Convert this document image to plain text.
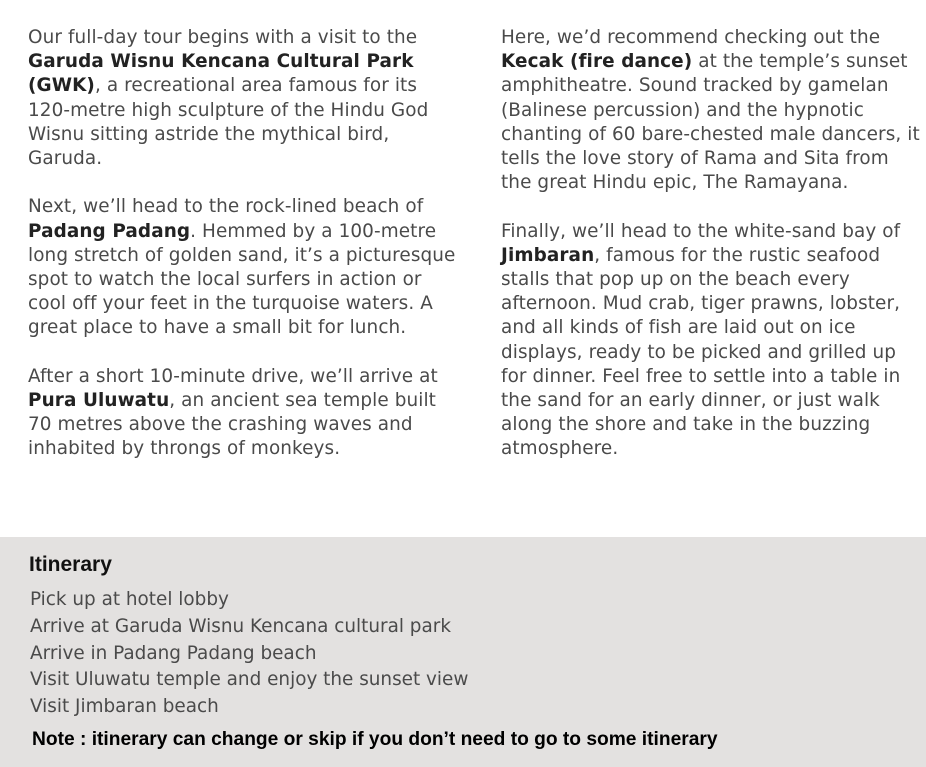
Our full-day tour begins with a visit to the Garuda Wisnu Kencana Cultural Park (GWK), a recreational area famous for its 120-metre high sculpture of the Hindu God Wisnu sitting astride the mythical bird, Garuda.

Next, we’ll head to the rock-lined beach of Padang Padang. Hemmed by a 100-metre long stretch of golden sand, it’s a picturesque spot to watch the local surfers in action or cool off your feet in the turquoise waters. A great place to have a small bit for lunch.

After a short 10-minute drive, we’ll arrive at Pura Uluwatu, an ancient sea temple built 70 metres above the crashing waves and inhabited by throngs of monkeys.

Here, we’d recommend checking out the Kecak (fire dance) at the temple’s sunset amphitheatre. Sound tracked by gamelan (Balinese percussion) and the hypnotic chanting of 60 bare-chested male dancers, it tells the love story of Rama and Sita from the great Hindu epic, The Ramayana.

Finally, we’ll head to the white-sand bay of Jimbaran, famous for the rustic seafood stalls that pop up on the beach every afternoon. Mud crab, tiger prawns, lobster, and all kinds of fish are laid out on ice displays, ready to be picked and grilled up for dinner. Feel free to settle into a table in the sand for an early dinner, or just walk along the shore and take in the buzzing atmosphere.

Itinerary
Pick up at hotel lobby
Arrive at Garuda Wisnu Kencana cultural park
Arrive in Padang Padang beach
Visit Uluwatu temple and enjoy the sunset view
Visit Jimbaran beach
Note : itinerary can change or skip if you don’t need to go to some itinerary
